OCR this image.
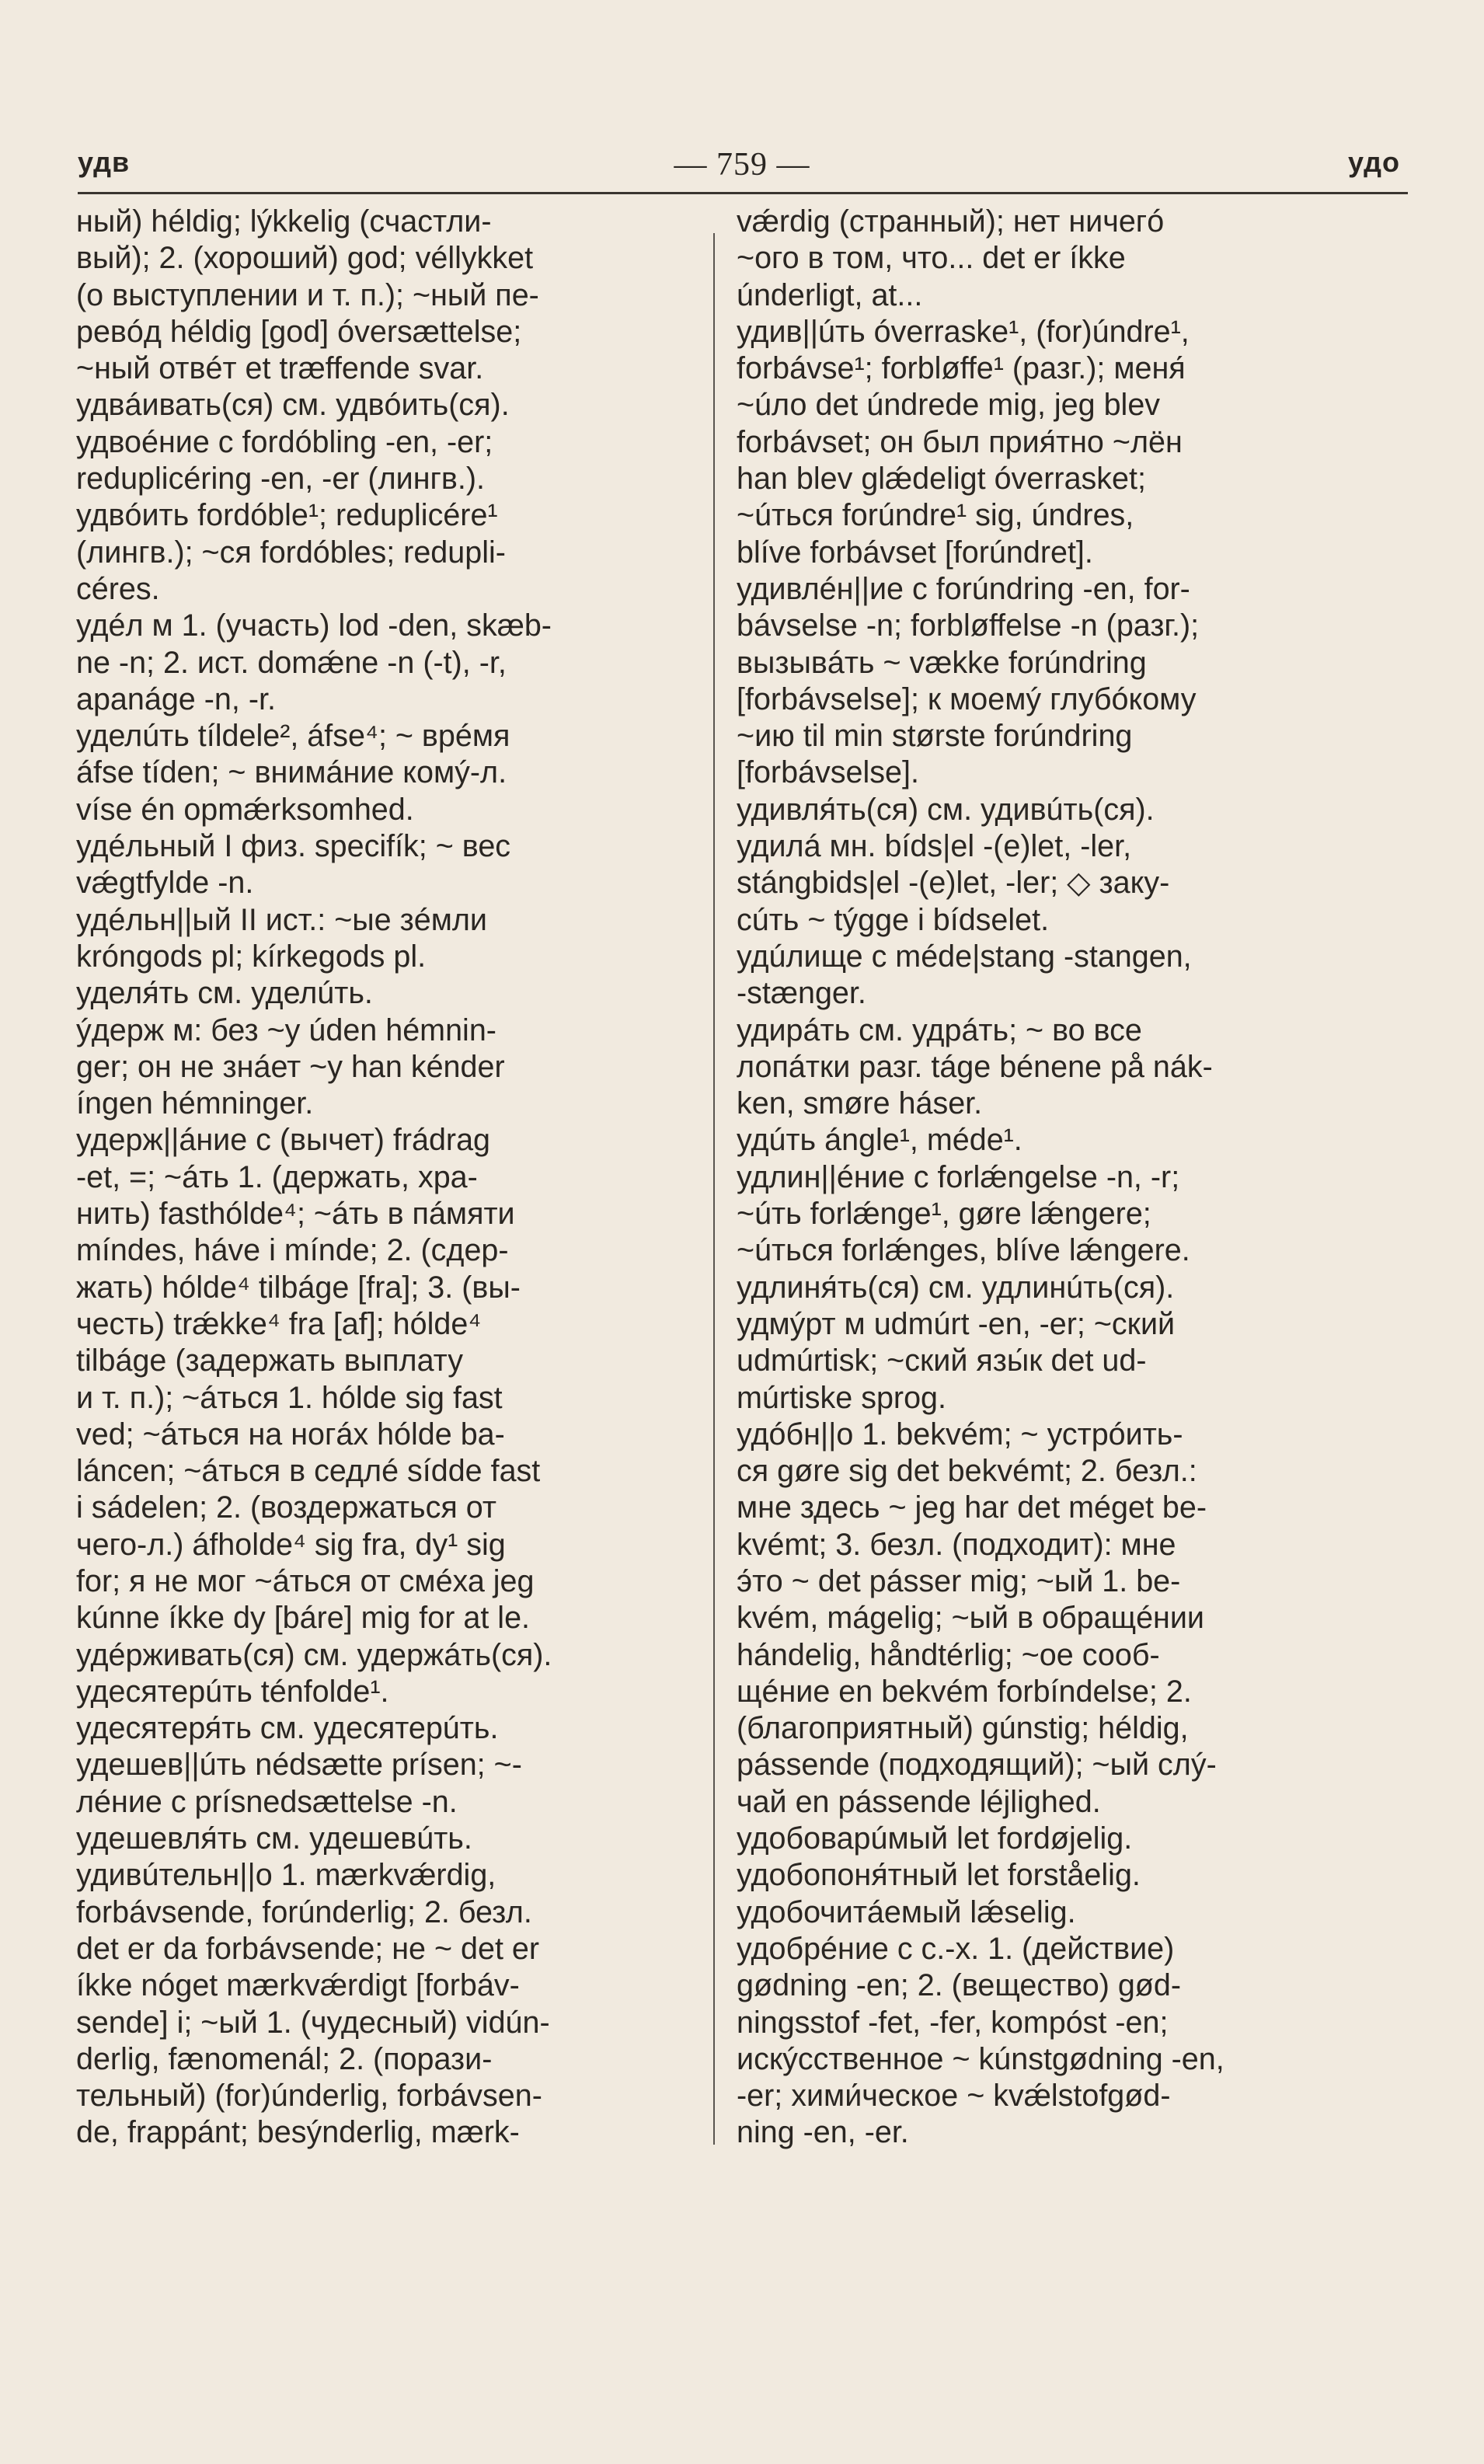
удв	— 759 —	удо
ный) héldig; lýkkelig (счастли-
вый); 2. (хороший) god; véllykket
(о выступлении и т. п.); ~ный пе-
ревóд héldig [god] óversættelse;
~ный отвéт et træffende svar.
удвáивать(ся) см. удвóить(ся).
удвоéние с fordóbling -en, -er;
reduplicéring -en, -er (лингв.).
удвóить fordóble¹; reduplicére¹
(лингв.); ~ся fordóbles; redupli-
céres.
удéл м 1. (участь) lod -den, skæb-
ne -n; 2. ист. domǽne -n (-t), -r,
apanáge -n, -r.
уделúть tíldele², áfse⁴; ~ врéмя
áfse tíden; ~ внимáние комý-л.
víse én opmǽrksomhed.
удéльный I физ. specifík; ~ вес
vǽgtfylde -n.
удéльн||ый II ист.: ~ые зéмли
króngods pl; kírkegods pl.
уделя́ть см. уделúть.
ýдерж м: без ~у úden hémnin-
ger; он не знáет ~у han kénder
íngen hémninger.
удерж||áние с (вычет) frádrag
-et, =; ~áть 1. (держать, хра-
нить) fasthólde⁴; ~áть в пáмяти
míndes, háve i mínde; 2. (сдер-
жать) hólde⁴ tilbáge [fra]; 3. (вы-
честь) trǽkke⁴ fra [af]; hólde⁴
tilbáge (задержать выплату
и т. п.); ~áться 1. hólde sig fast
ved; ~áться на ногáх hólde ba-
láncen; ~áться в седлé sídde fast
i sádelen; 2. (воздержаться от
чего-л.) áfholde⁴ sig fra, dy¹ sig
for; я не мог ~áться от смéха jeg
kúnne íkke dy [báre] mig for at le.
удéрживать(ся) см. удержáть(ся).
удесятерúть ténfolde¹.
удесятеря́ть см. удесятерúть.
удешев||úть nédsætte prísen; ~-
лéние с prísnedsættelse -n.
удешевля́ть см. удешевúть.
удивúтельн||о 1. mærkvǽrdig,
forbávsende, forúnderlig; 2. безл.
det er da forbávsende; не ~ det er
íkke nóget mærkvǽrdigt [forbáv-
sende] i; ~ый 1. (чудесный) vidún-
derlig, fænomenál; 2. (порази-
тельный) (for)únderlig, forbávsen-
de, frappánt; besýnderlig, mærk-
vǽrdig (странный); нет ничегó
~ого в том, что... det er íkke
únderligt, at...
удив||úть óverraske¹, (for)úndre¹,
forbávse¹; forbløffe¹ (разг.); меня́
~úло det úndrede mig, jeg blev
forbávset; он был прия́тно ~лён
han blev glǽdeligt óverrasket;
~úться forúndre¹ sig, úndres,
blíve forbávset [forúndret].
удивлéн||ие с forúndring -en, for-
bávselse -n; forbløffelse -n (разг.);
вызывáть ~ vække forúndring
[forbávselse]; к моемý глубóкому
~ию til min største forúndring
[forbávselse].
удивля́ть(ся) см. удивúть(ся).
удилá мн. bíds|el -(e)let, -ler,
stángbids|el -(e)let, -ler; ◇ заку-
сúть ~ týgge i bídselet.
удúлище с méde|stang -stangen,
-stænger.
удирáть см. удрáть; ~ во все
лопáтки разг. táge bénene på nák-
ken, smøre háser.
удúть ángle¹, méde¹.
удлин||éние с forlǽngelse -n, -r;
~úть forlǽnge¹, gøre lǽngere;
~úться forlǽnges, blíve lǽngere.
удлиня́ть(ся) см. удлинúть(ся).
удмýрт м udmúrt -en, -er; ~ский
udmúrtisk; ~ский язы́к det ud-
múrtiske sprog.
удóбн||о 1. bekvém; ~ устрóить-
ся gøre sig det bekvémt; 2. безл.:
мне здесь ~ jeg har det méget be-
kvémt; 3. безл. (подходит): мне
э́то ~ det pásser mig; ~ый 1. be-
kvém, mágelig; ~ый в обращéнии
hándelig, håndtérlig; ~ое сооб-
щéние en bekvém forbíndelse; 2.
(благоприятный) gúnstig; héldig,
pássende (подходящий); ~ый слý-
чай en pássende léjlighed.
удобоварúмый let fordøjelig.
удобопоня́тный let forståelig.
удобочитáемый lǽselig.
удобрéние с с.-х. 1. (действие)
gødning -en; 2. (вещество) gød-
ningsstof -fet, -fer, kompóst -en;
искýсственное ~ kúnstgødning -en,
-er; хими́ческое ~ kvǽlstofgød-
ning -en, -er.
